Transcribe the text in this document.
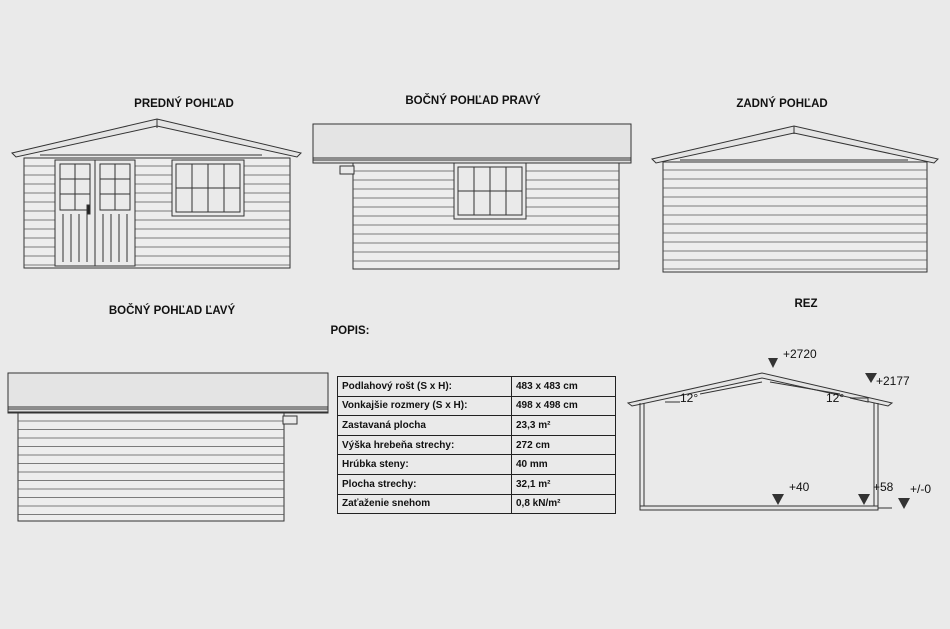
PREDNÝ POHĽAD	BOČNÝ POHĽAD PRAVÝ	ZADNÝ POHĽAD
BOČNÝ POHĽAD ĽAVÝ
REZ
POPIS:
+2720
+2177
12°	12°
+40	+58 +/-0
Podlahový rošt (S x H):	483 x 483 cm
Vonkajšie rozmery (S x H):	498 x 498 cm
Zastavaná plocha	23,3 m²
Výška hrebeňa strechy:	272 cm
Hrúbka steny:	40 mm
Plocha strechy:	32,1 m²
Zaťaženie snehom	0,8 kN/m²
